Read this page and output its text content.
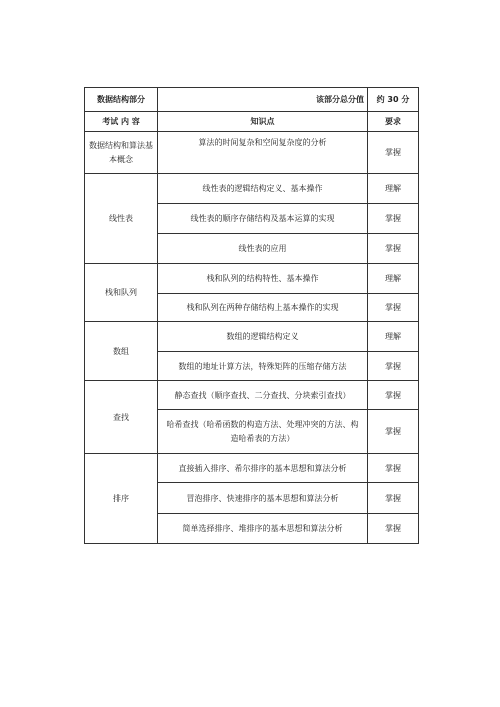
数据结构部分	该部分总分值	约 30 分
考试 内 容	知识点	要求
数据结构和算法基本概念	算法的时间复杂和空间复杂度的分析	掌握
线性表	线性表的逻辑结构定义、基本操作	理解
	线性表的顺序存储结构及基本运算的实现	掌握
	线性表的应用	掌握
栈和队列	栈和队列的结构特性、基本操作	理解
	栈和队列在两种存储结构上基本操作的实现	掌握
数组	数组的逻辑结构定义	理解
	数组的地址计算方法，特殊矩阵的压缩存储方法	掌握
查找	静态查找（顺序查找、二分查找、分块索引查找）	掌握
	哈希查找（哈希函数的构造方法、处理冲突的方法、构造哈希表的方法）	掌握
排序	直接插入排序、希尔排序的基本思想和算法分析	掌握
	冒泡排序、快速排序的基本思想和算法分析	掌握
	简单选择排序、堆排序的基本思想和算法分析	掌握
